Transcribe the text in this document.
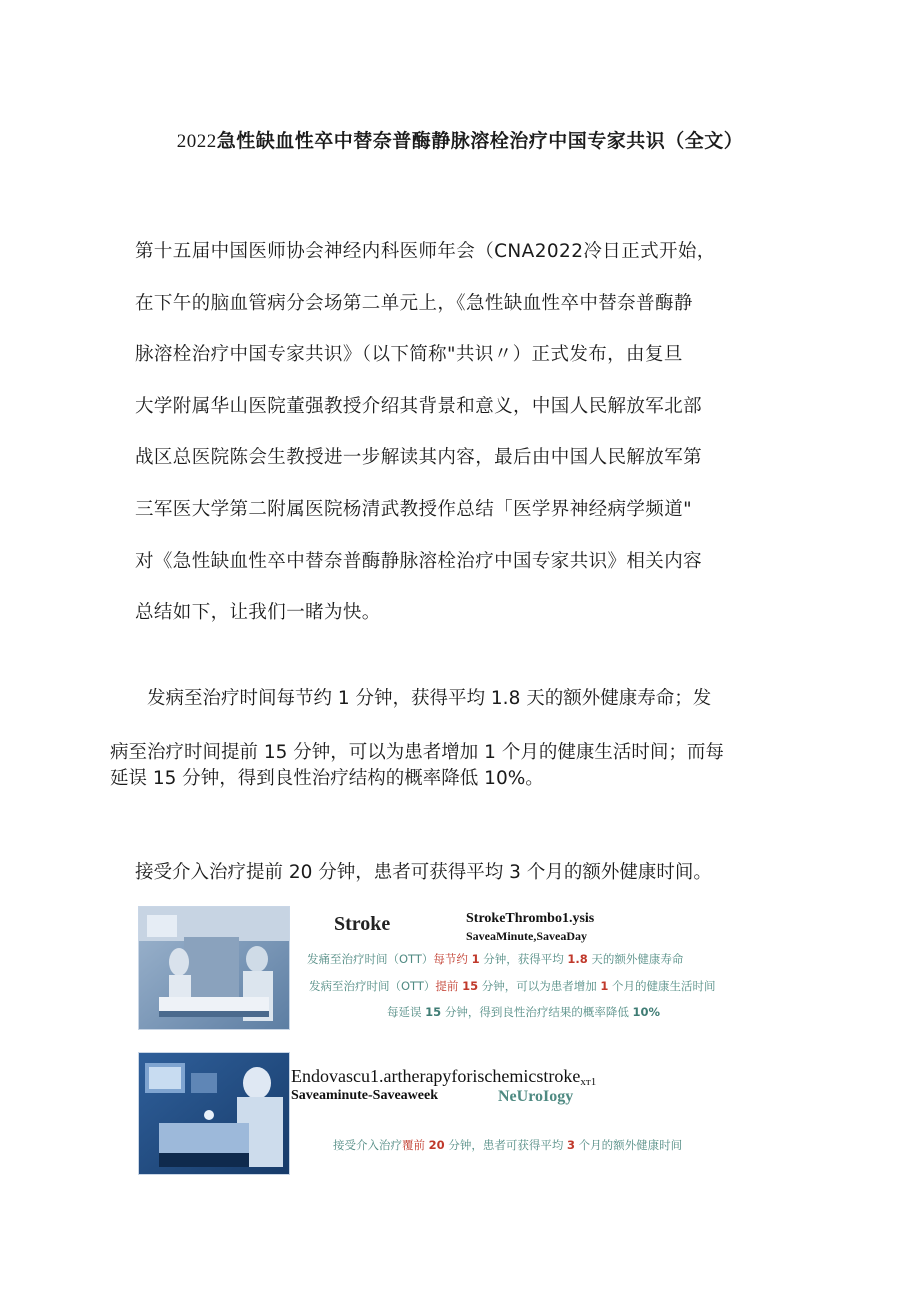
2022急性缺血性卒中替奈普酶静脉溶栓治疗中国专家共识（全文）
第十五届中国医师协会神经内科医师年会（CNA2022冷日正式开始，
在下午的脑血管病分会场第二单元上，《急性缺血性卒中替奈普酶静
脉溶栓治疗中国专家共识》（以下简称"共识〃）正式发布，由复旦
大学附属华山医院董强教授介绍其背景和意义，中国人民解放军北部
战区总医院陈会生教授进一步解读其内容，最后由中国人民解放军第
三军医大学第二附属医院杨清武教授作总结「医学界神经病学频道"
对《急性缺血性卒中替奈普酶静脉溶栓治疗中国专家共识》相关内容
总结如下，让我们一睹为快。
　　发病至治疗时间每节约 1 分钟，获得平均 1.8 天的额外健康寿命；发
病至治疗时间提前 15 分钟，可以为患者增加 1 个月的健康生活时间；而每
延误 15 分钟，得到良性治疗结构的概率降低 10%。
接受介入治疗提前 20 分钟，患者可获得平均 3 个月的额外健康时间。
Stroke	StrokeThrombo1.ysis
SaveaMinute,SaveaDay
发痛至治疗时间（OTT）每节约 1 分钟，获得平均 1.8 天的额外健康寿命
发病至治疗时间（OTT）提前 15 分钟，可以为患者增加 1 个月的健康生活时间
每延误 15 分钟，得到良性治疗结果的概率降低 10%
Endovascu1.artherapyforischemicstroke$_{xт1}$
Saveaminute-Saveaweek	NeUroIogy
接受介入治疗覆前 20 分钟，患者可获得平均 3 个月的额外健康时间
